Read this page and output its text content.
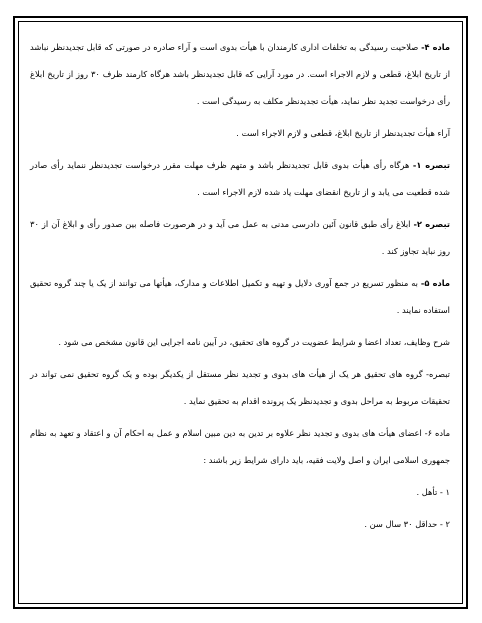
ماده ۴- صلاحیت رسیدگی به تخلفات اداری کارمندان با هیأت بدوی است و آراء صادره در صورتی که قابل تجدیدنظر نباشد از تاریخ ابلاغ، قطعی و لازم الاجراء است. در مورد آرایی که قابل تجدیدنظر باشد هرگاه کارمند ظرف ۳۰ روز از تاریخ ابلاغ رأی درخواست تجدید نظر نماید، هیأت تجدیدنظر مکلف به رسیدگی است .

آراء هیأت تجدیدنظر از تاریخ ابلاغ، قطعی و لازم الاجراء است .

تبصره ۱- هرگاه رأی هیأت بدوی قابل تجدیدنظر باشد و متهم ظرف مهلت مقرر درخواست تجدیدنظر ننماید رأی صادر شده قطعیت می یابد و از تاریخ انقضای مهلت یاد شده لازم الاجراء است .

تبصره ۲- ابلاغ رأی طبق قانون آئین دادرسی مدنی به عمل می آید و در هرصورت فاصله بین صدور رأی و ابلاغ آن از ۳۰ روز نباید تجاوز کند .

ماده ۵- به منظور تسریع در جمع آوری دلایل و تهیه و تکمیل اطلاعات و مدارک، هیأتها می توانند از یک یا چند گروه تحقیق استفاده نمایند .

شرح وظایف، تعداد اعضا و شرایط عضویت در گروه های تحقیق، در آیین نامه اجرایی این قانون مشخص می شود .

تبصره- گروه های تحقیق هر یک از هیأت های بدوی و تجدید نظر مستقل از یکدیگر بوده و یک گروه تحقیق نمی تواند در تحقیقات مربوط به مراحل بدوی و تجدیدنظر یک پرونده اقدام به تحقیق نماید .

ماده ۶- اعضای هیأت های بدوی و تجدید نظر علاوه بر تدین به دین مبین اسلام و عمل به احکام آن و اعتقاد و تعهد به نظام جمهوری اسلامی ایران و اصل ولایت فقیه، باید دارای شرایط زیر باشند :

۱ - تأهل .

۲ - حداقل ۳۰ سال سن .
